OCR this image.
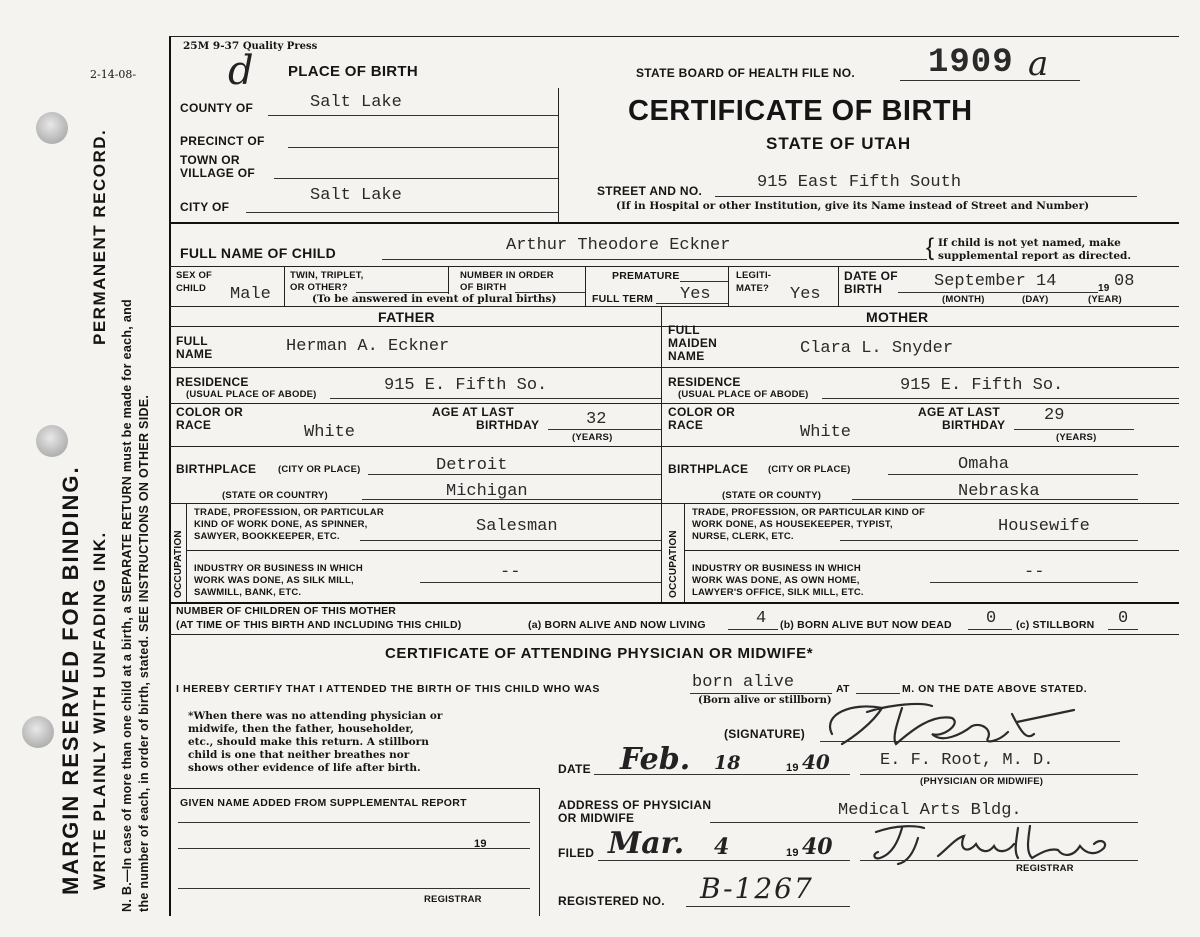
2-14-08-
MARGIN RESERVED FOR BINDING. WRITE PLAINLY WITH UNFADING INK.
PERMANENT RECORD.
N. B.—In case of more than one child at a birth, a SEPARATE RETURN must be made for each, and the number of each, in order of birth, stated. SEE INSTRUCTIONS ON OTHER SIDE.
25M 9-37 Quality Press
d PLACE OF BIRTH	STATE BOARD OF HEALTH FILE NO. 1909 a
CERTIFICATE OF BIRTH
STATE OF UTAH
COUNTY OF	Salt Lake
PRECINCT OF
TOWN OR
VILLAGE OF
CITY OF
Salt Lake	STREET AND NO.	915 East Fifth South
(If in Hospital or other Institution, give its Name instead of Street and Number)
FULL NAME OF CHILD	Arthur Theodore Eckner	{ If child is not yet named, make
supplemental report as directed.
SEX OF
CHILD Male
TWIN, TRIPLET,
OR OTHER?
NUMBER IN ORDER
OF BIRTH
(To be answered in event of plural births)
PREMATURE
FULL TERM Yes
LEGITI-
MATE? Yes
DATE OF
BIRTH	September 14	19 08
(MONTH)	(DAY)	(YEAR)
FATHER
FULL
NAME	Herman A. Eckner
RESIDENCE
(USUAL PLACE OF ABODE)	915 E. Fifth So.
COLOR OR
RACE	White
AGE AT LAST
BIRTHDAY	32
(YEARS)
BIRTHPLACE (CITY OR PLACE)	Detroit
(STATE OR COUNTRY)	Michigan
OCCUPATION
TRADE, PROFESSION, OR PARTICULAR
KIND OF WORK DONE, AS SPINNER,
SAWYER, BOOKKEEPER, ETC.
Salesman
INDUSTRY OR BUSINESS IN WHICH
WORK WAS DONE, AS SILK MILL,
SAWMILL, BANK, ETC.
--
MOTHER
FULL
MAIDEN
NAME	Clara L. Snyder
RESIDENCE
(USUAL PLACE OF ABODE)	915 E. Fifth So.
COLOR OR
RACE	White
AGE AT LAST
BIRTHDAY 29
(YEARS)
BIRTHPLACE (CITY OR PLACE)	Omaha
(STATE OR COUNTY)	Nebraska
OCCUPATION
TRADE, PROFESSION, OR PARTICULAR KIND OF
WORK DONE, AS HOUSEKEEPER, TYPIST,
NURSE, CLERK, ETC.
Housewife
INDUSTRY OR BUSINESS IN WHICH
WORK WAS DONE, AS OWN HOME,
LAWYER'S OFFICE, SILK MILL, ETC.
--
NUMBER OF CHILDREN OF THIS MOTHER
(AT TIME OF THIS BIRTH AND INCLUDING THIS CHILD)	(a) BORN ALIVE AND NOW LIVING	4 (b) BORN ALIVE BUT NOW DEAD 0 (c) STILLBORN 0
CERTIFICATE OF ATTENDING PHYSICIAN OR MIDWIFE*
I HEREBY CERTIFY THAT I ATTENDED THE BIRTH OF THIS CHILD WHO WAS	born alive
(Born alive or stillborn)
AT	M. ON THE DATE ABOVE STATED.
*When there was no attending physician or
midwife, then the father, householder,
etc., should make this return. A stillborn
child is one that neither breathes nor
shows other evidence of life after birth.
(SIGNATURE)
DATE Feb. 18	19 40	E. F. Root, M. D.
(PHYSICIAN OR MIDWIFE)
ADDRESS OF PHYSICIAN
OR MIDWIFE	Medical Arts Bldg.
GIVEN NAME ADDED FROM SUPPLEMENTAL REPORT
19
REGISTRAR
FILED Mar. 4	19 40
REGISTRAR
REGISTERED NO. B-1267
